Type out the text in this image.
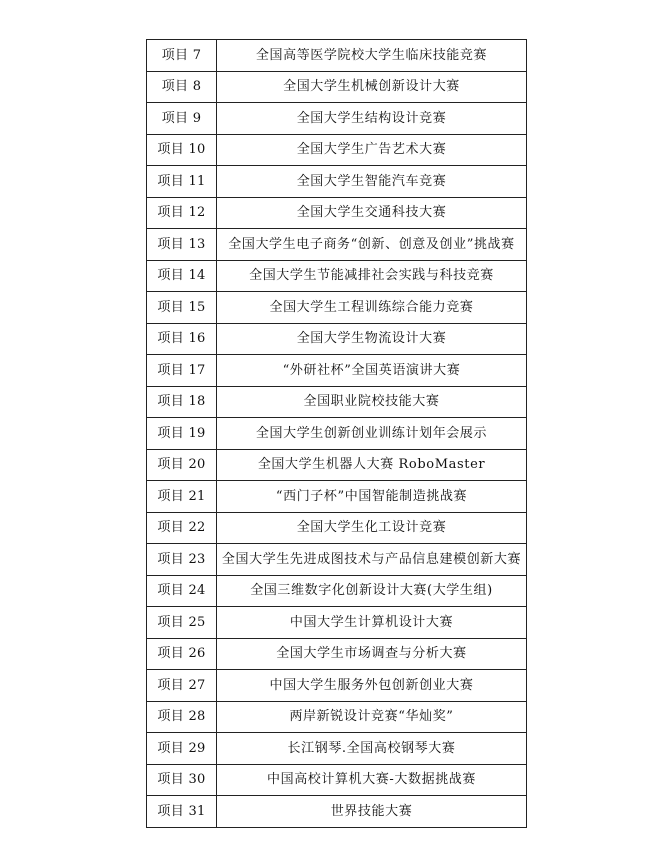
项目 7	全国高等医学院校大学生临床技能竞赛
项目 8	全国大学生机械创新设计大赛
项目 9	全国大学生结构设计竞赛
项目 10	全国大学生广告艺术大赛
项目 11	全国大学生智能汽车竞赛
项目 12	全国大学生交通科技大赛
项目 13	全国大学生电子商务“创新、创意及创业”挑战赛
项目 14	全国大学生节能减排社会实践与科技竞赛
项目 15	全国大学生工程训练综合能力竞赛
项目 16	全国大学生物流设计大赛
项目 17	“外研社杯”全国英语演讲大赛
项目 18	全国职业院校技能大赛
项目 19	全国大学生创新创业训练计划年会展示
项目 20	全国大学生机器人大赛 RoboMaster
项目 21	“西门子杯”中国智能制造挑战赛
项目 22	全国大学生化工设计竞赛
项目 23	全国大学生先进成图技术与产品信息建模创新大赛
项目 24	全国三维数字化创新设计大赛(大学生组)
项目 25	中国大学生计算机设计大赛
项目 26	全国大学生市场调查与分析大赛
项目 27	中国大学生服务外包创新创业大赛
项目 28	两岸新锐设计竞赛“华灿奖”
项目 29	长江钢琴.全国高校钢琴大赛
项目 30	中国高校计算机大赛-大数据挑战赛
项目 31	世界技能大赛
